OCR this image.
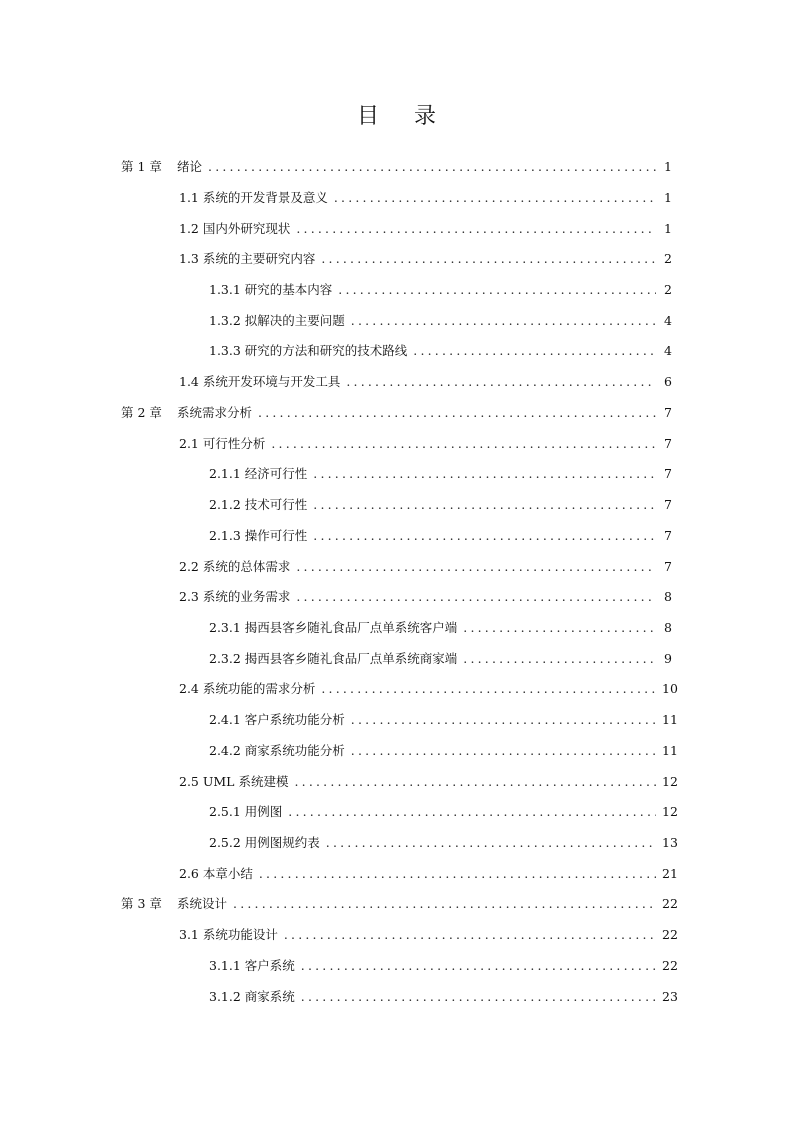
目 录
第 1 章 绪论 .....	1
1.1 系统的开发背景及意义 .....	1
1.2 国内外研究现状 .....	1
1.3 系统的主要研究内容 .....	2
1.3.1 研究的基本内容 .....	2
1.3.2 拟解决的主要问题 .....	4
1.3.3 研究的方法和研究的技术路线 .....	4
1.4 系统开发环境与开发工具 .....	6
第 2 章 系统需求分析 .....	7
2.1 可行性分析 .....	7
2.1.1 经济可行性 .....	7
2.1.2 技术可行性 .....	7
2.1.3 操作可行性 .....	7
2.2 系统的总体需求 .....	7
2.3 系统的业务需求 .....	8
2.3.1 揭西县客乡随礼食品厂点单系统客户端 .....	8
2.3.2 揭西县客乡随礼食品厂点单系统商家端 .....	9
2.4 系统功能的需求分析 .....	10
2.4.1 客户系统功能分析 .....	11
2.4.2 商家系统功能分析 .....	11
2.5 UML 系统建模 .....	12
2.5.1 用例图 .....	12
2.5.2 用例图规约表 .....	13
2.6 本章小结 .....	21
第 3 章 系统设计 .....	22
3.1 系统功能设计 .....	22
3.1.1 客户系统 .....	22
3.1.2 商家系统 .....	23
